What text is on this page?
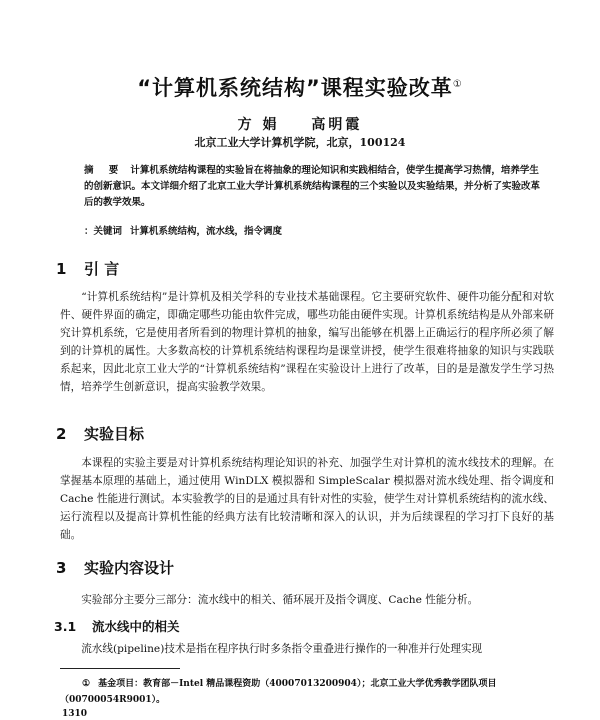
“计算机系统结构”课程实验改革①
方 娟 高明霞
北京工业大学计算机学院，北京，100124
摘 要 计算机系统结构课程的实验旨在将抽象的理论知识和实践相结合，使学生提高学习热情，培养学生的创新意识。本文详细介绍了北京工业大学计算机系统结构课程的三个实验以及实验结果，并分析了实验改革后的教学效果。
：关键词 计算机系统结构，流水线，指令调度
1 引 言
“计算机系统结构”是计算机及相关学科的专业技术基础课程。它主要研究软件、硬件功能分配和对软件、硬件界面的确定，即确定哪些功能由软件完成，哪些功能由硬件实现。计算机系统结构是从外部来研究计算机系统，它是使用者所看到的物理计算机的抽象，编写出能够在机器上正确运行的程序所必须了解到的计算机的属性。大多数高校的计算机系统结构课程均是课堂讲授，使学生很难将抽象的知识与实践联系起来，因此北京工业大学的“计算机系统结构”课程在实验设计上进行了改革，目的是是激发学生学习热情，培养学生创新意识，提高实验教学效果。
2 实验目标
本课程的实验主要是对计算机系统结构理论知识的补充、加强学生对计算机的流水线技术的理解。在掌握基本原理的基础上，通过使用 WinDLX 模拟器和 SimpleScalar 模拟器对流水线处理、指令调度和 Cache 性能进行测试。本实验教学的目的是通过具有针对性的实验，使学生对计算机系统结构的流水线、运行流程以及提高计算机性能的经典方法有比较清晰和深入的认识，并为后续课程的学习打下良好的基础。
3 实验内容设计
实验部分主要分三部分：流水线中的相关、循环展开及指令调度、Cache 性能分析。
3.1 流水线中的相关
流水线(pipeline)技术是指在程序执行时多条指令重叠进行操作的一种准并行处理实现
① 基金项目：教育部－Intel 精品课程资助（40007013200904）；北京工业大学优秀教学团队项目（00700054R9001）。
1310
